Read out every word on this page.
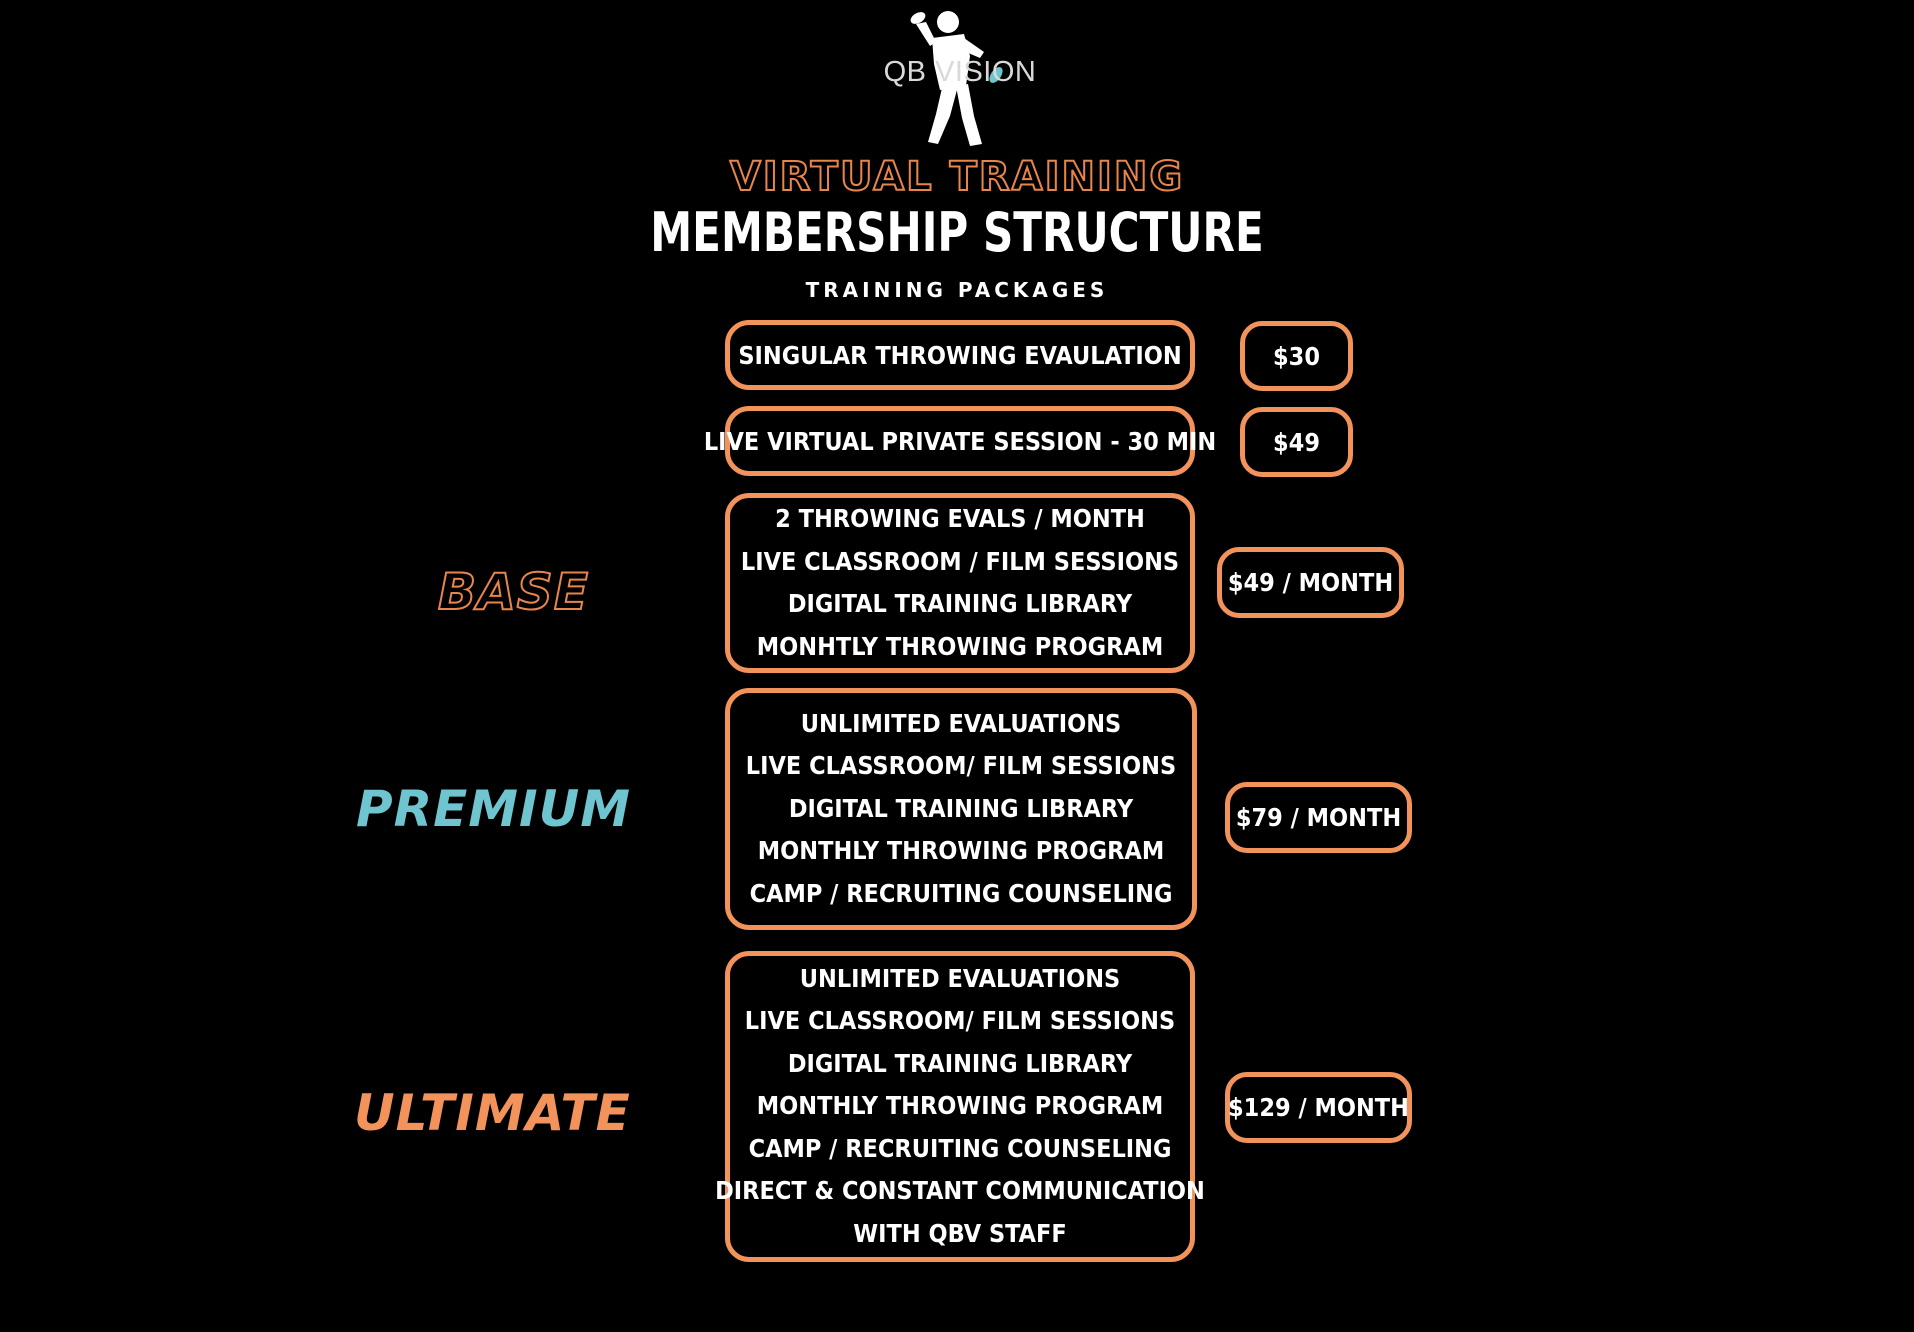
QB VISION
VIRTUAL TRAINING
MEMBERSHIP STRUCTURE
TRAINING PACKAGES
SINGULAR THROWING EVAULATION	$30
LIVE VIRTUAL PRIVATE SESSION - 30 MIN $49
BASE
2 THROWING EVALS / MONTH
LIVE CLASSROOM / FILM SESSIONS
DIGITAL TRAINING LIBRARY
MONHTLY THROWING PROGRAM
$49 / MONTH
PREMIUM
UNLIMITED EVALUATIONS
LIVE CLASSROOM/ FILM SESSIONS
DIGITAL TRAINING LIBRARY
MONTHLY THROWING PROGRAM
CAMP / RECRUITING COUNSELING
$79 / MONTH
ULTIMATE
UNLIMITED EVALUATIONS
LIVE CLASSROOM/ FILM SESSIONS
DIGITAL TRAINING LIBRARY
MONTHLY THROWING PROGRAM
CAMP / RECRUITING COUNSELING
DIRECT & CONSTANT COMMUNICATION
WITH QBV STAFF
$129 / MONTH
